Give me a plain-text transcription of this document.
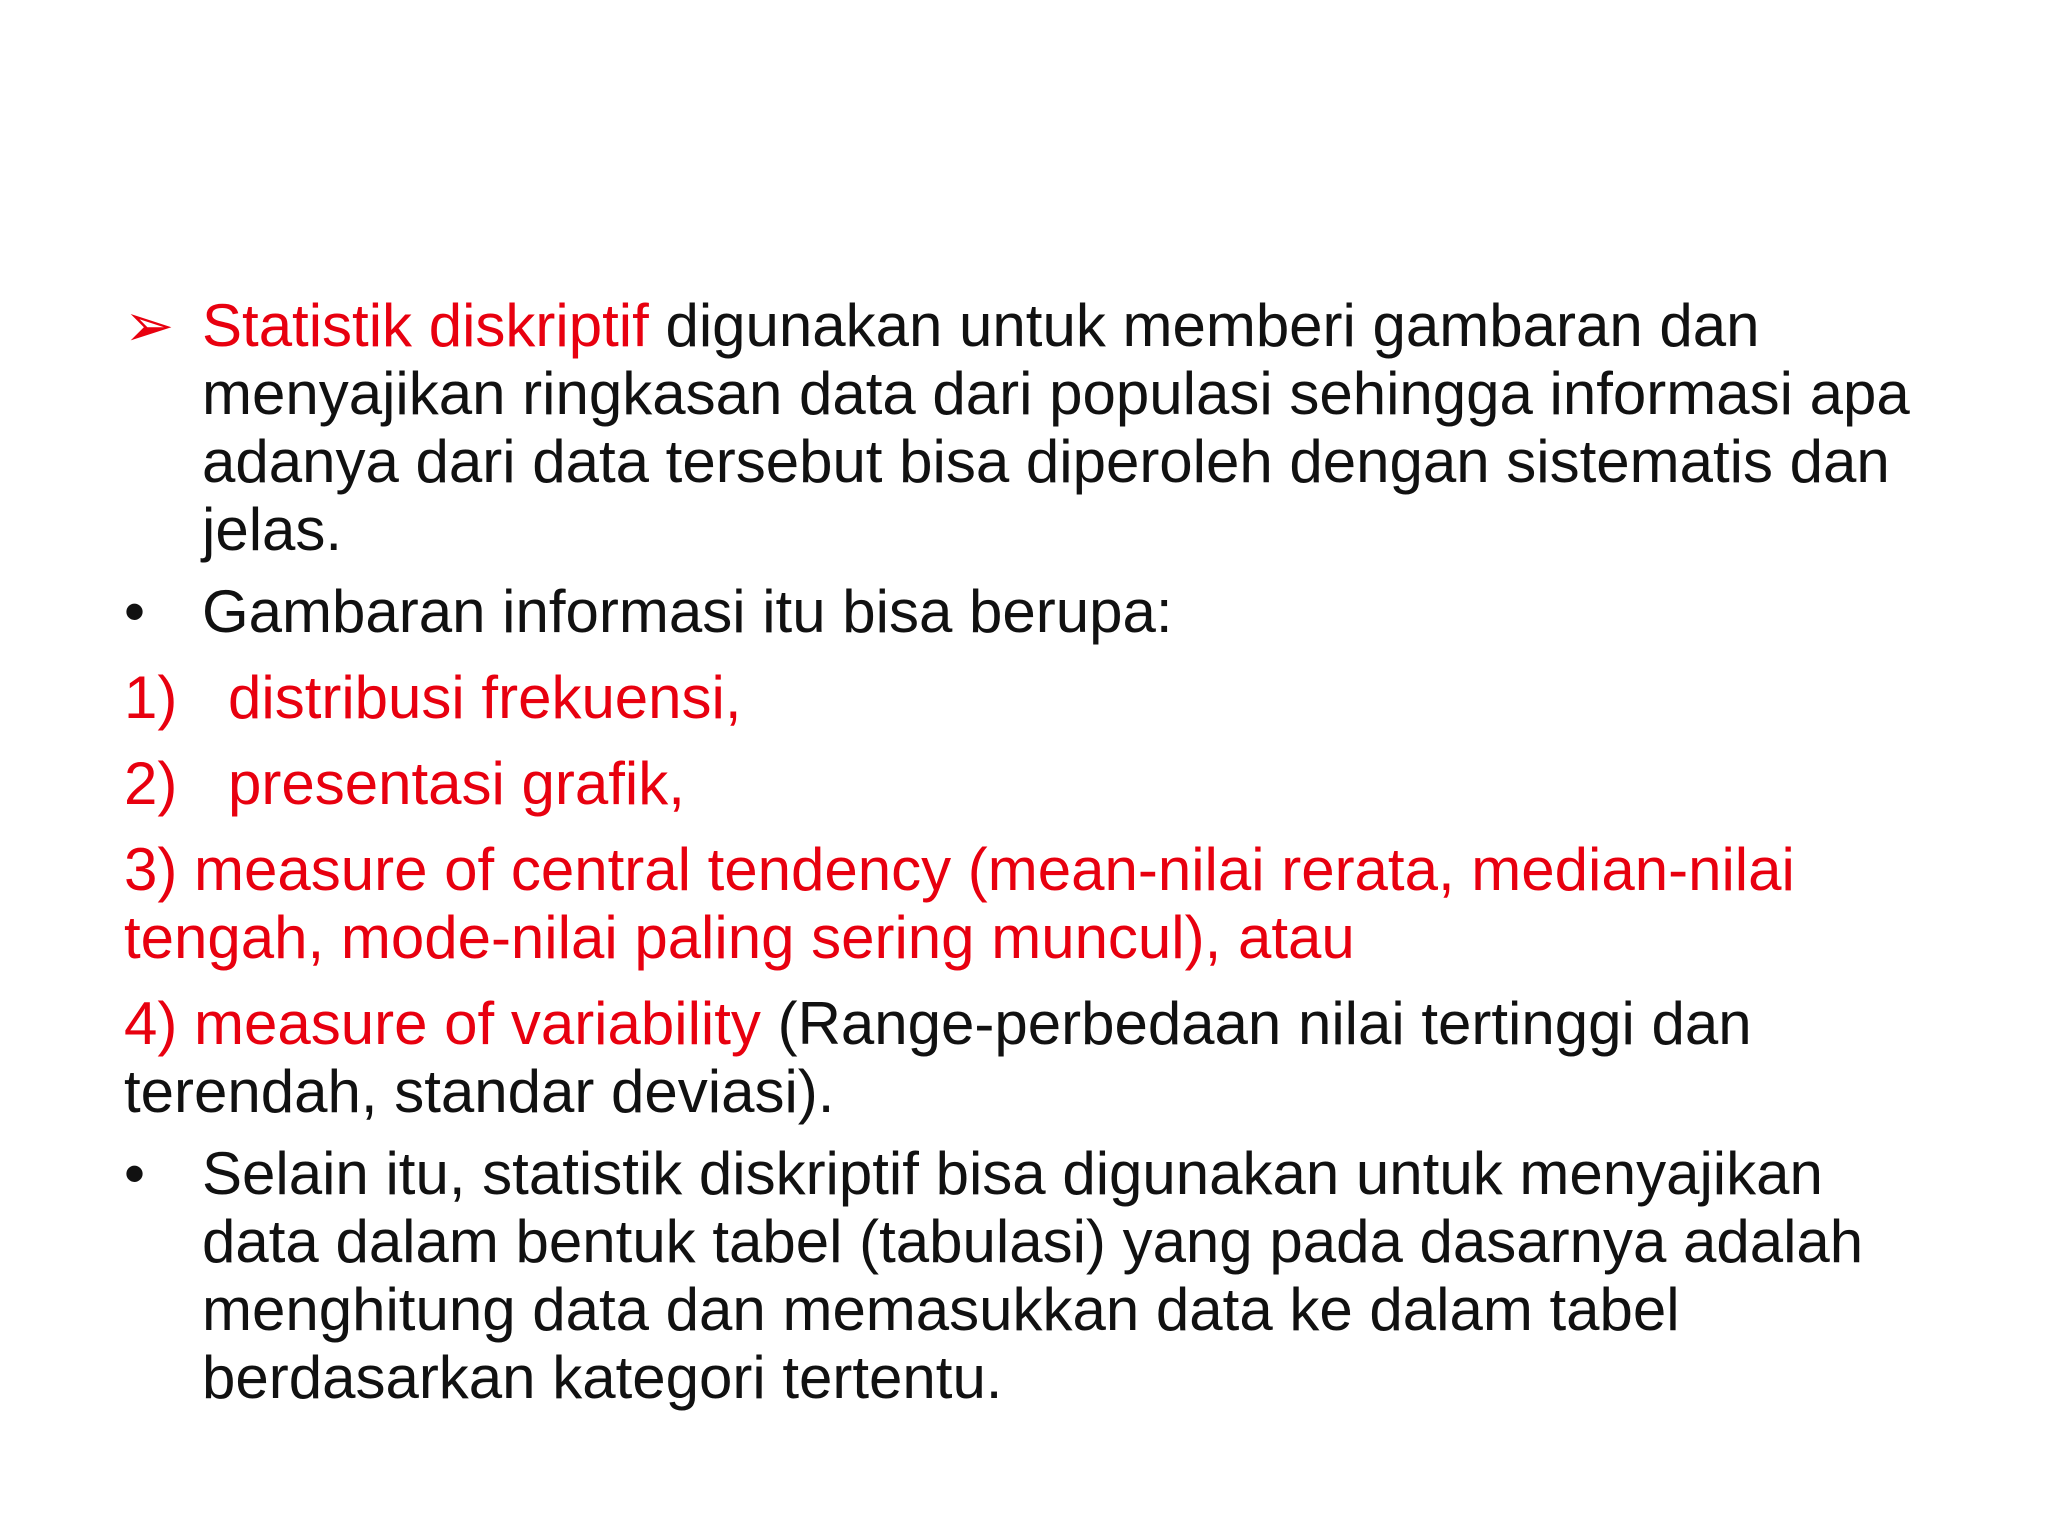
➢ Statistik diskriptif digunakan untuk memberi gambaran dan menyajikan ringkasan data dari populasi sehingga informasi apa adanya dari data tersebut bisa diperoleh dengan sistematis dan jelas.
• Gambaran informasi itu bisa berupa:
1) distribusi frekuensi,
2) presentasi grafik,
3) measure of central tendency (mean-nilai rerata, median-nilai tengah, mode-nilai paling sering muncul), atau
4) measure of variability (Range-perbedaan nilai tertinggi dan terendah, standar deviasi).
• Selain itu, statistik diskriptif bisa digunakan untuk menyajikan data dalam bentuk tabel (tabulasi) yang pada dasarnya adalah menghitung data dan memasukkan data ke dalam tabel berdasarkan kategori tertentu.
